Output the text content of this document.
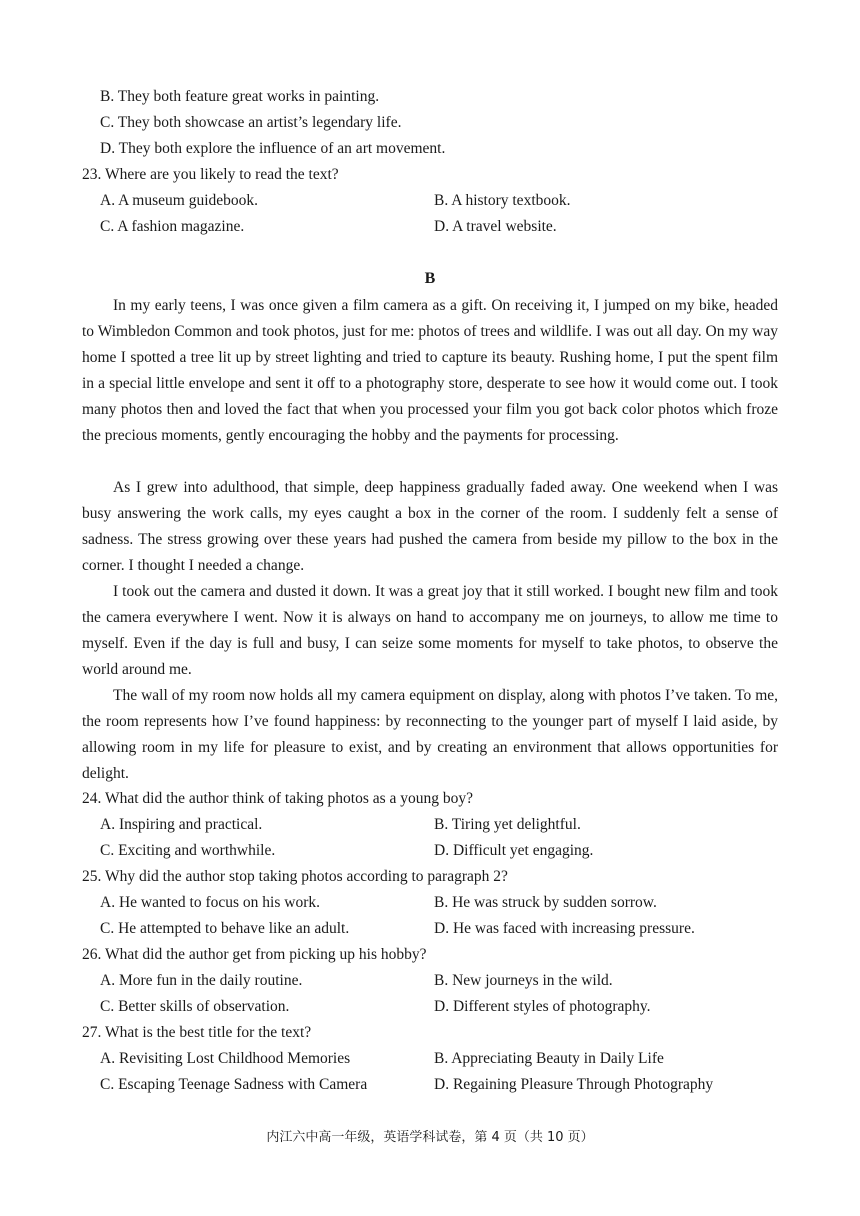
B. They both feature great works in painting.
C. They both showcase an artist’s legendary life.
D. They both explore the influence of an art movement.
23. Where are you likely to read the text?
A. A museum guidebook.	B. A history textbook.
C. A fashion magazine.	D. A travel website.
B
In my early teens, I was once given a film camera as a gift. On receiving it, I jumped on my bike, headed to Wimbledon Common and took photos, just for me: photos of trees and wildlife. I was out all day. On my way home I spotted a tree lit up by street lighting and tried to capture its beauty. Rushing home, I put the spent film in a special little envelope and sent it off to a photography store, desperate to see how it would come out. I took many photos then and loved the fact that when you processed your film you got back color photos which froze the precious moments, gently encouraging the hobby and the payments for processing.
As I grew into adulthood, that simple, deep happiness gradually faded away. One weekend when I was busy answering the work calls, my eyes caught a box in the corner of the room. I suddenly felt a sense of sadness. The stress growing over these years had pushed the camera from beside my pillow to the box in the corner. I thought I needed a change.
I took out the camera and dusted it down. It was a great joy that it still worked. I bought new film and took the camera everywhere I went. Now it is always on hand to accompany me on journeys, to allow me time to myself. Even if the day is full and busy, I can seize some moments for myself to take photos, to observe the world around me.
The wall of my room now holds all my camera equipment on display, along with photos I’ve taken. To me, the room represents how I’ve found happiness: by reconnecting to the younger part of myself I laid aside, by allowing room in my life for pleasure to exist, and by creating an environment that allows opportunities for delight.
24. What did the author think of taking photos as a young boy?
A. Inspiring and practical.	B. Tiring yet delightful.
C. Exciting and worthwhile.	D. Difficult yet engaging.
25. Why did the author stop taking photos according to paragraph 2?
A. He wanted to focus on his work.	B. He was struck by sudden sorrow.
C. He attempted to behave like an adult.	D. He was faced with increasing pressure.
26. What did the author get from picking up his hobby?
A. More fun in the daily routine.	B. New journeys in the wild.
C. Better skills of observation.	D. Different styles of photography.
27. What is the best title for the text?
A. Revisiting Lost Childhood Memories	B. Appreciating Beauty in Daily Life
C. Escaping Teenage Sadness with Camera	D. Regaining Pleasure Through Photography
内江六中高一年级，英语学科试卷，第 4 页（共 10 页）
